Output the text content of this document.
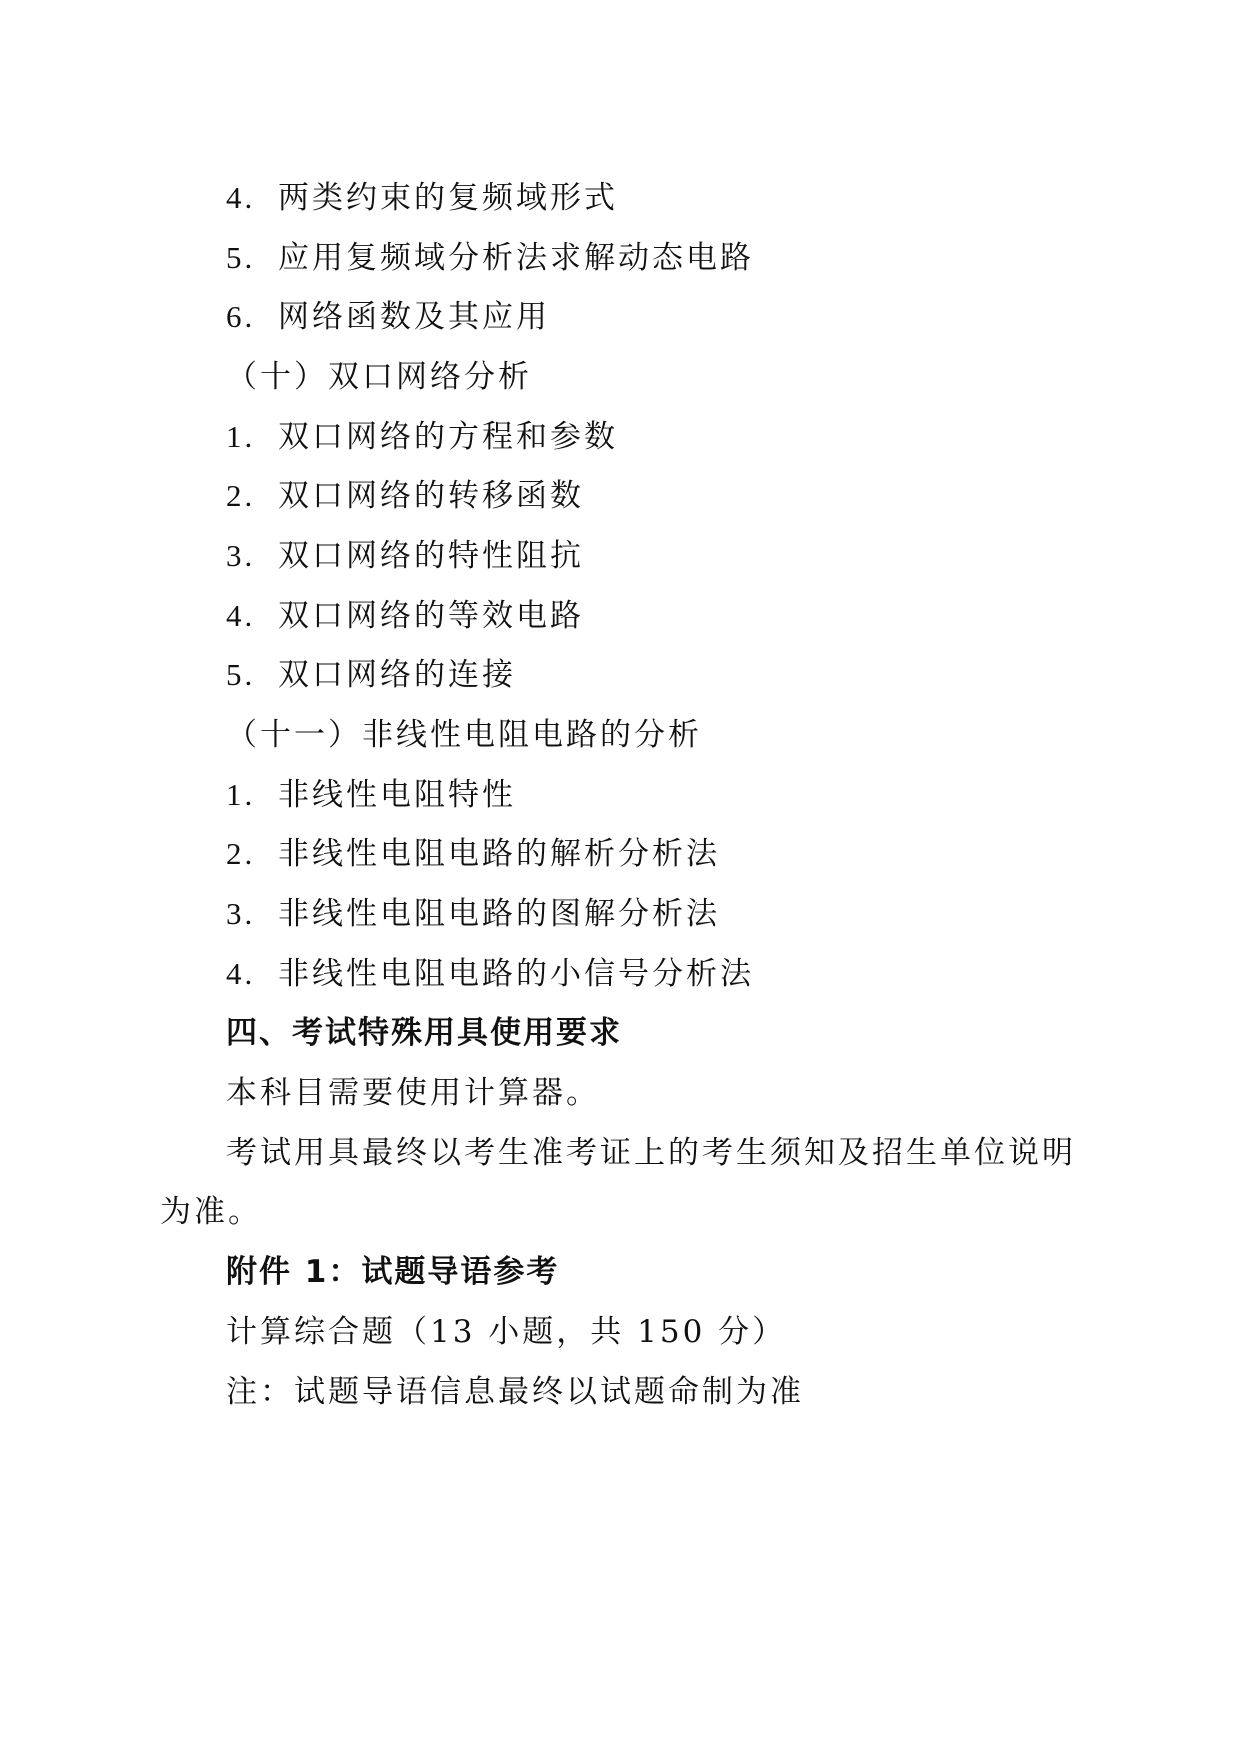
4. 两类约束的复频域形式
5. 应用复频域分析法求解动态电路
6. 网络函数及其应用
（十）双口网络分析
1. 双口网络的方程和参数
2. 双口网络的转移函数
3. 双口网络的特性阻抗
4. 双口网络的等效电路
5. 双口网络的连接
（十一）非线性电阻电路的分析
1. 非线性电阻特性
2. 非线性电阻电路的解析分析法
3. 非线性电阻电路的图解分析法
4. 非线性电阻电路的小信号分析法
四、考试特殊用具使用要求
本科目需要使用计算器。
考试用具最终以考生准考证上的考生须知及招生单位说明
为准。
附件 1：试题导语参考
计算综合题（13 小题，共 150 分）
注：试题导语信息最终以试题命制为准
